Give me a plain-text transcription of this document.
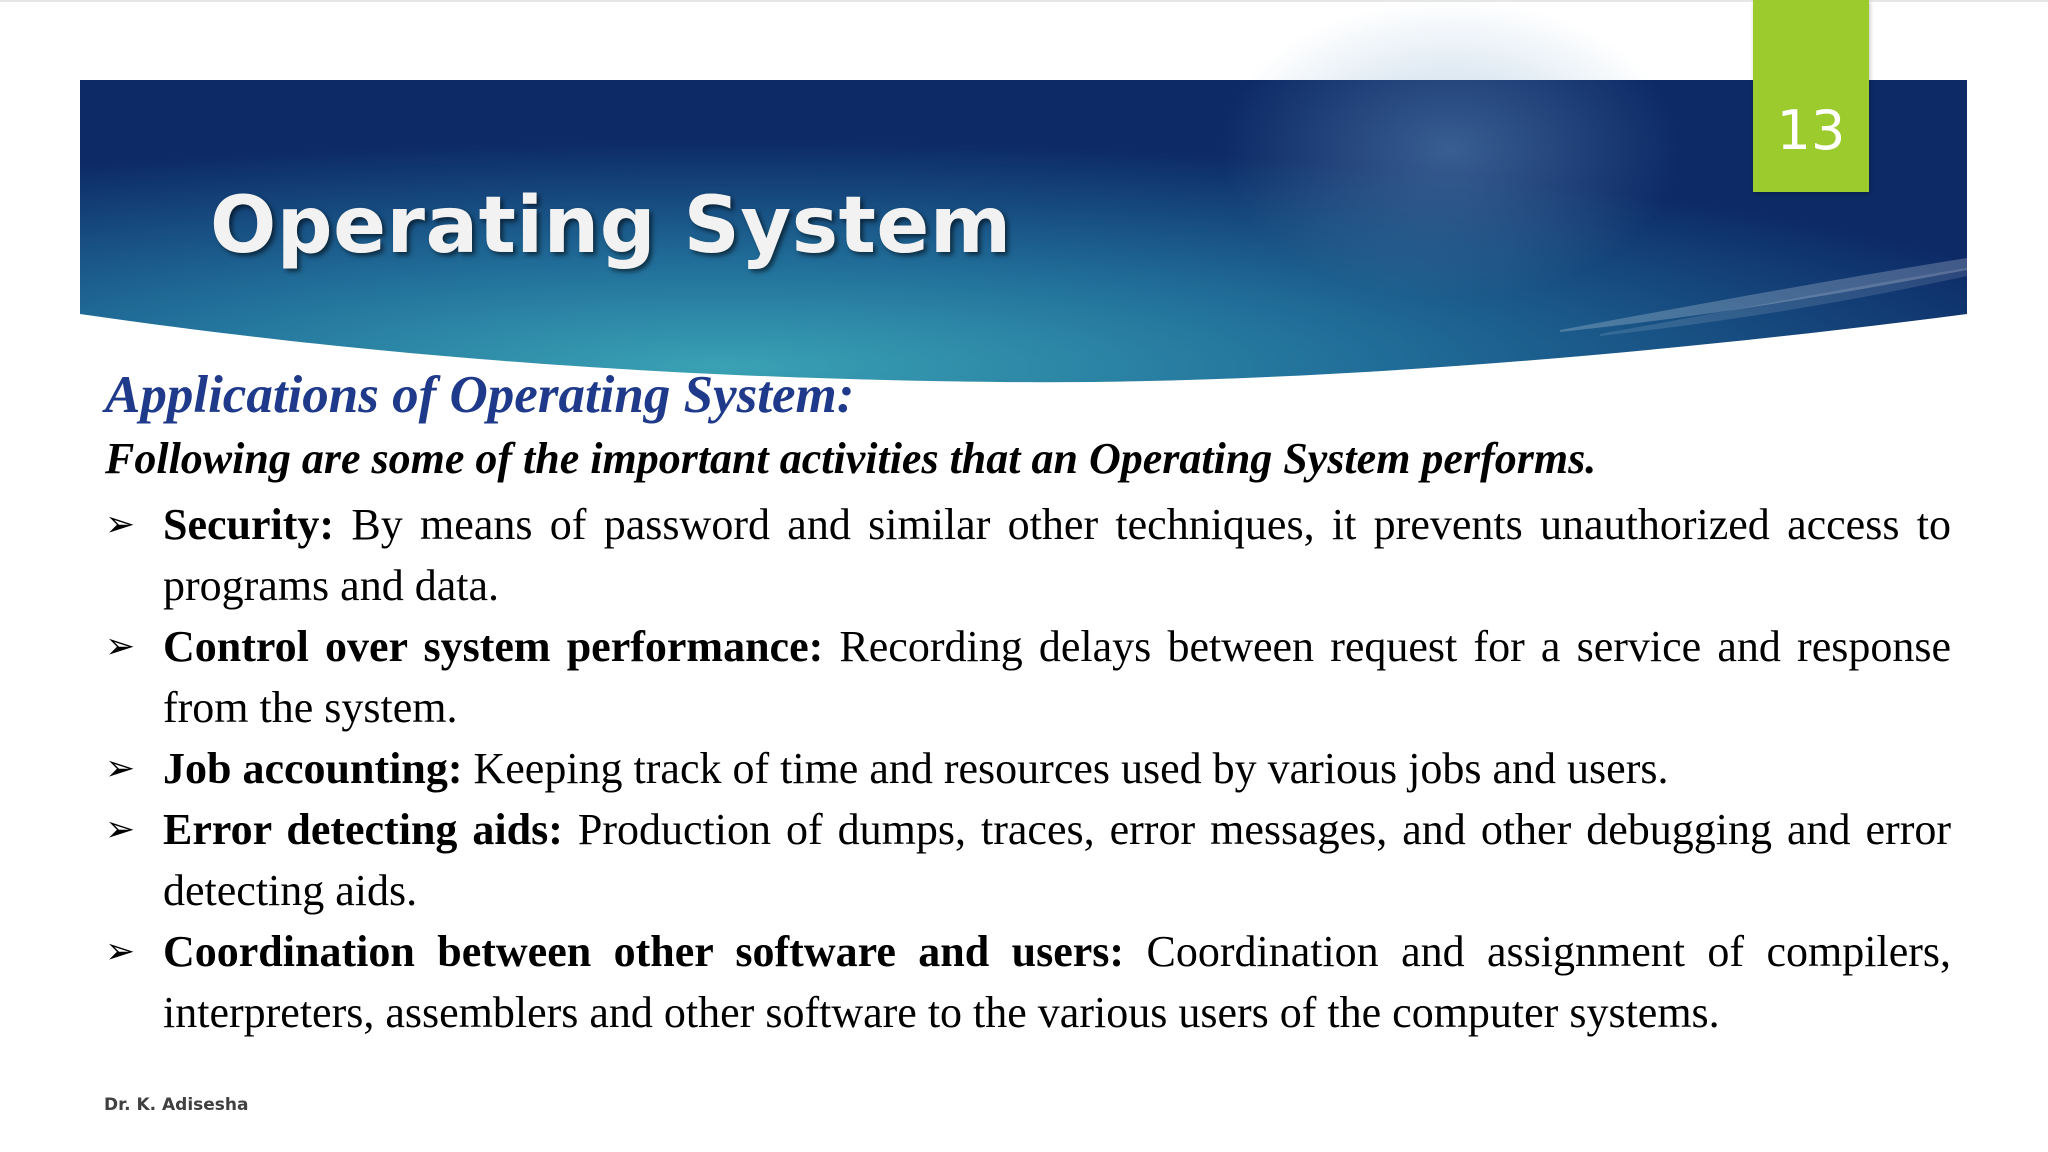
13
Operating System
Applications of Operating System:

Following are some of the important activities that an Operating System performs.

➢ Security: By means of password and similar other techniques, it prevents unauthorized access to programs and data.
➢ Control over system performance: Recording delays between request for a service and response from the system.
➢ Job accounting: Keeping track of time and resources used by various jobs and users.
➢ Error detecting aids: Production of dumps, traces, error messages, and other debugging and error detecting aids.
➢ Coordination between other software and users: Coordination and assignment of compilers, interpreters, assemblers and other software to the various users of the computer systems.
Dr. K. Adisesha
